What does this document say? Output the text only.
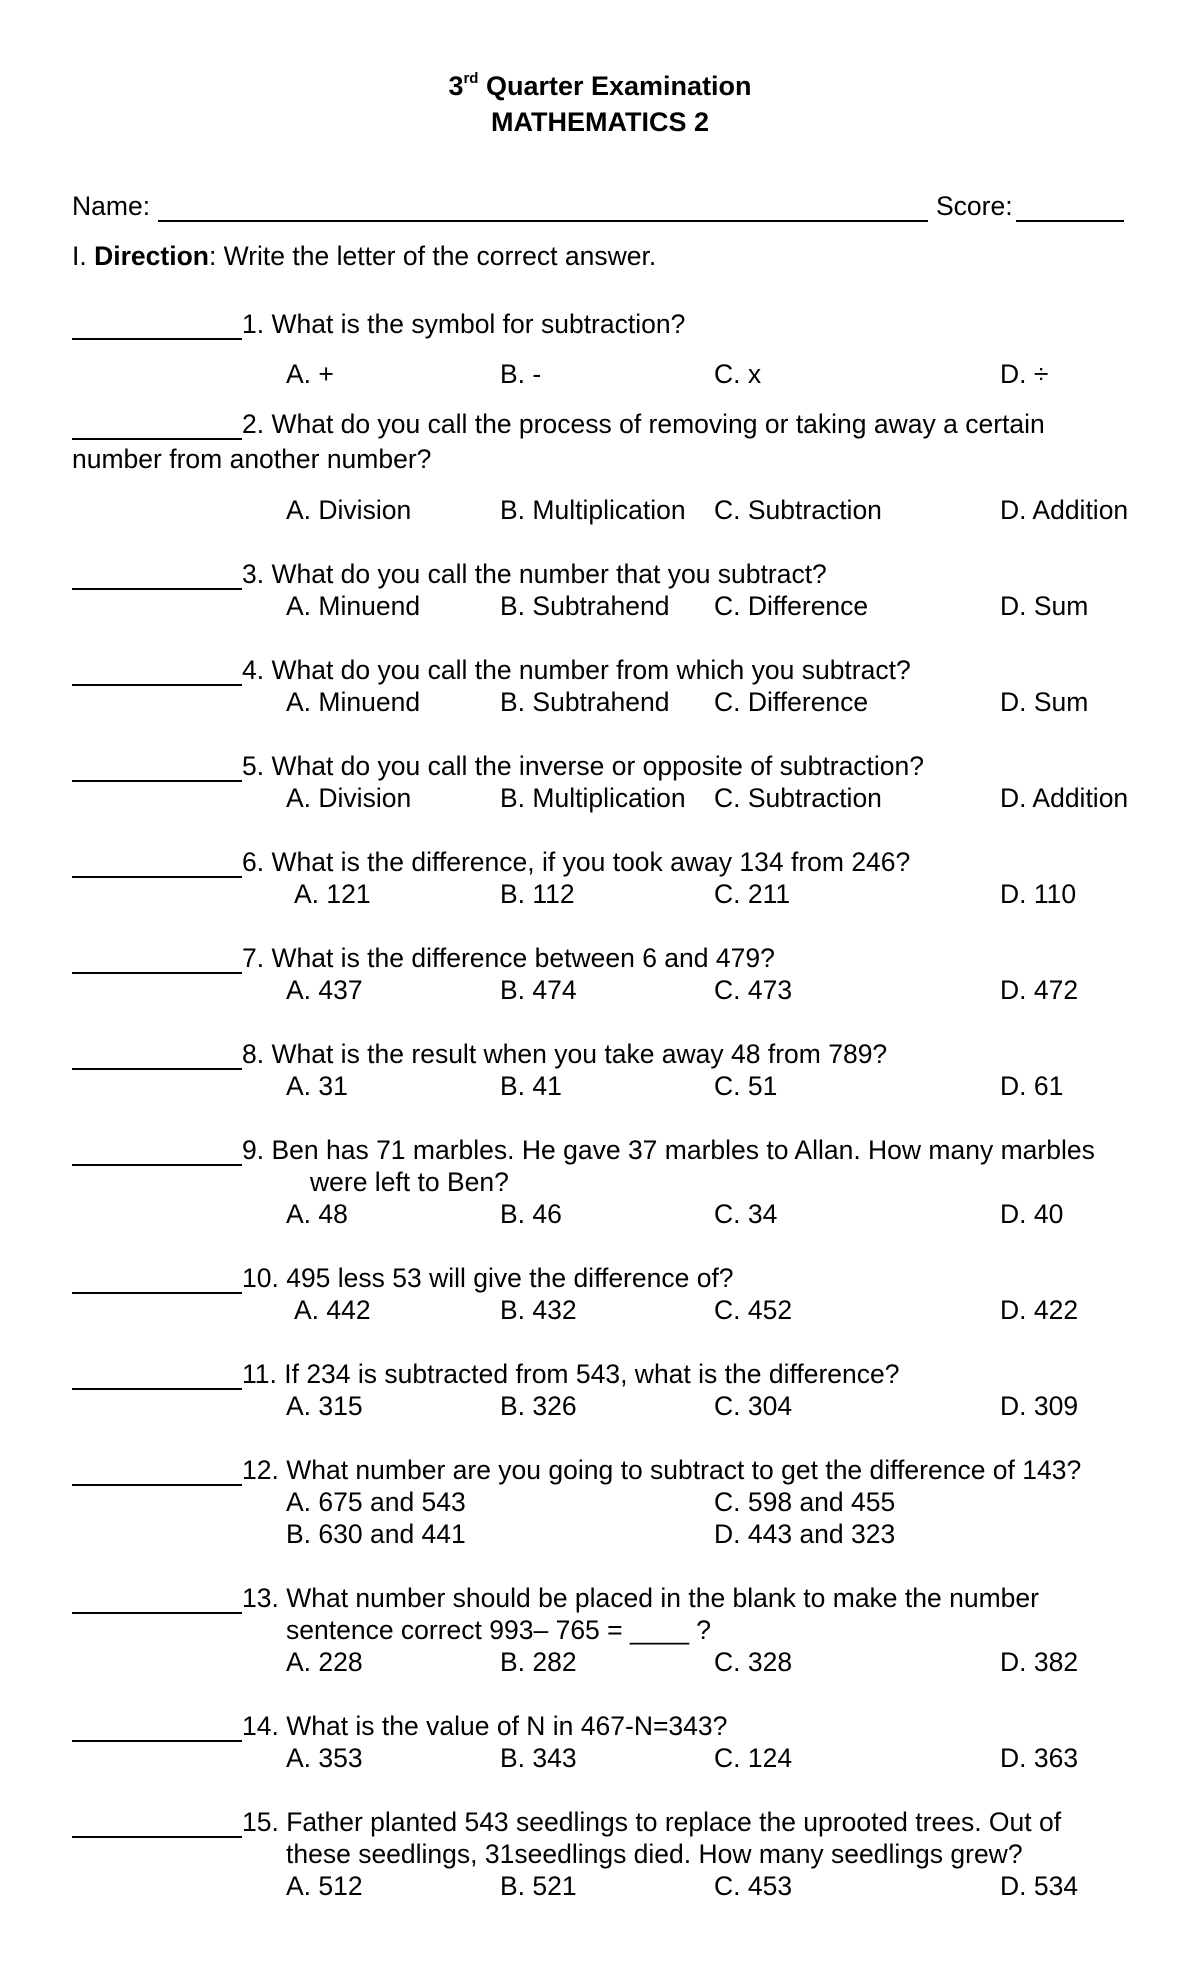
3rd Quarter Examination
MATHEMATICS 2
Name:	Score:
I. Direction: Write the letter of the correct answer.
1. What is the symbol for subtraction?
A. +	B. -	C. x	D. ÷
2. What do you call the process of removing or taking away a certain
number from another number?
A. Division	B. Multiplication C. Subtraction	D. Addition
3. What do you call the number that you subtract?
A. Minuend	B. Subtrahend C. Difference	D. Sum
4. What do you call the number from which you subtract?
A. Minuend	B. Subtrahend C. Difference	D. Sum
5. What do you call the inverse or opposite of subtraction?
A. Division	B. Multiplication C. Subtraction	D. Addition
6. What is the difference, if you took away 134 from 246?
A. 121	B. 112	C. 211	D. 110
7. What is the difference between 6 and 479?
A. 437	B. 474	C. 473	D. 472
8. What is the result when you take away 48 from 789?
A. 31	B. 41	C. 51	D. 61
9. Ben has 71 marbles. He gave 37 marbles to Allan. How many marbles
were left to Ben?
A. 48	B. 46	C. 34	D. 40
10. 495 less 53 will give the difference of?
A. 442	B. 432	C. 452	D. 422
11. If 234 is subtracted from 543, what is the difference?
A. 315	B. 326	C. 304	D. 309
12. What number are you going to subtract to get the difference of 143?
A. 675 and 543	C. 598 and 455
B. 630 and 441	D. 443 and 323
13. What number should be placed in the blank to make the number
sentence correct 993– 765 = ____ ?
A. 228	B. 282	C. 328	D. 382
14. What is the value of N in 467-N=343?
A. 353	B. 343	C. 124	D. 363
15. Father planted 543 seedlings to replace the uprooted trees. Out of
these seedlings, 31seedlings died. How many seedlings grew?
A. 512	B. 521	C. 453	D. 534
